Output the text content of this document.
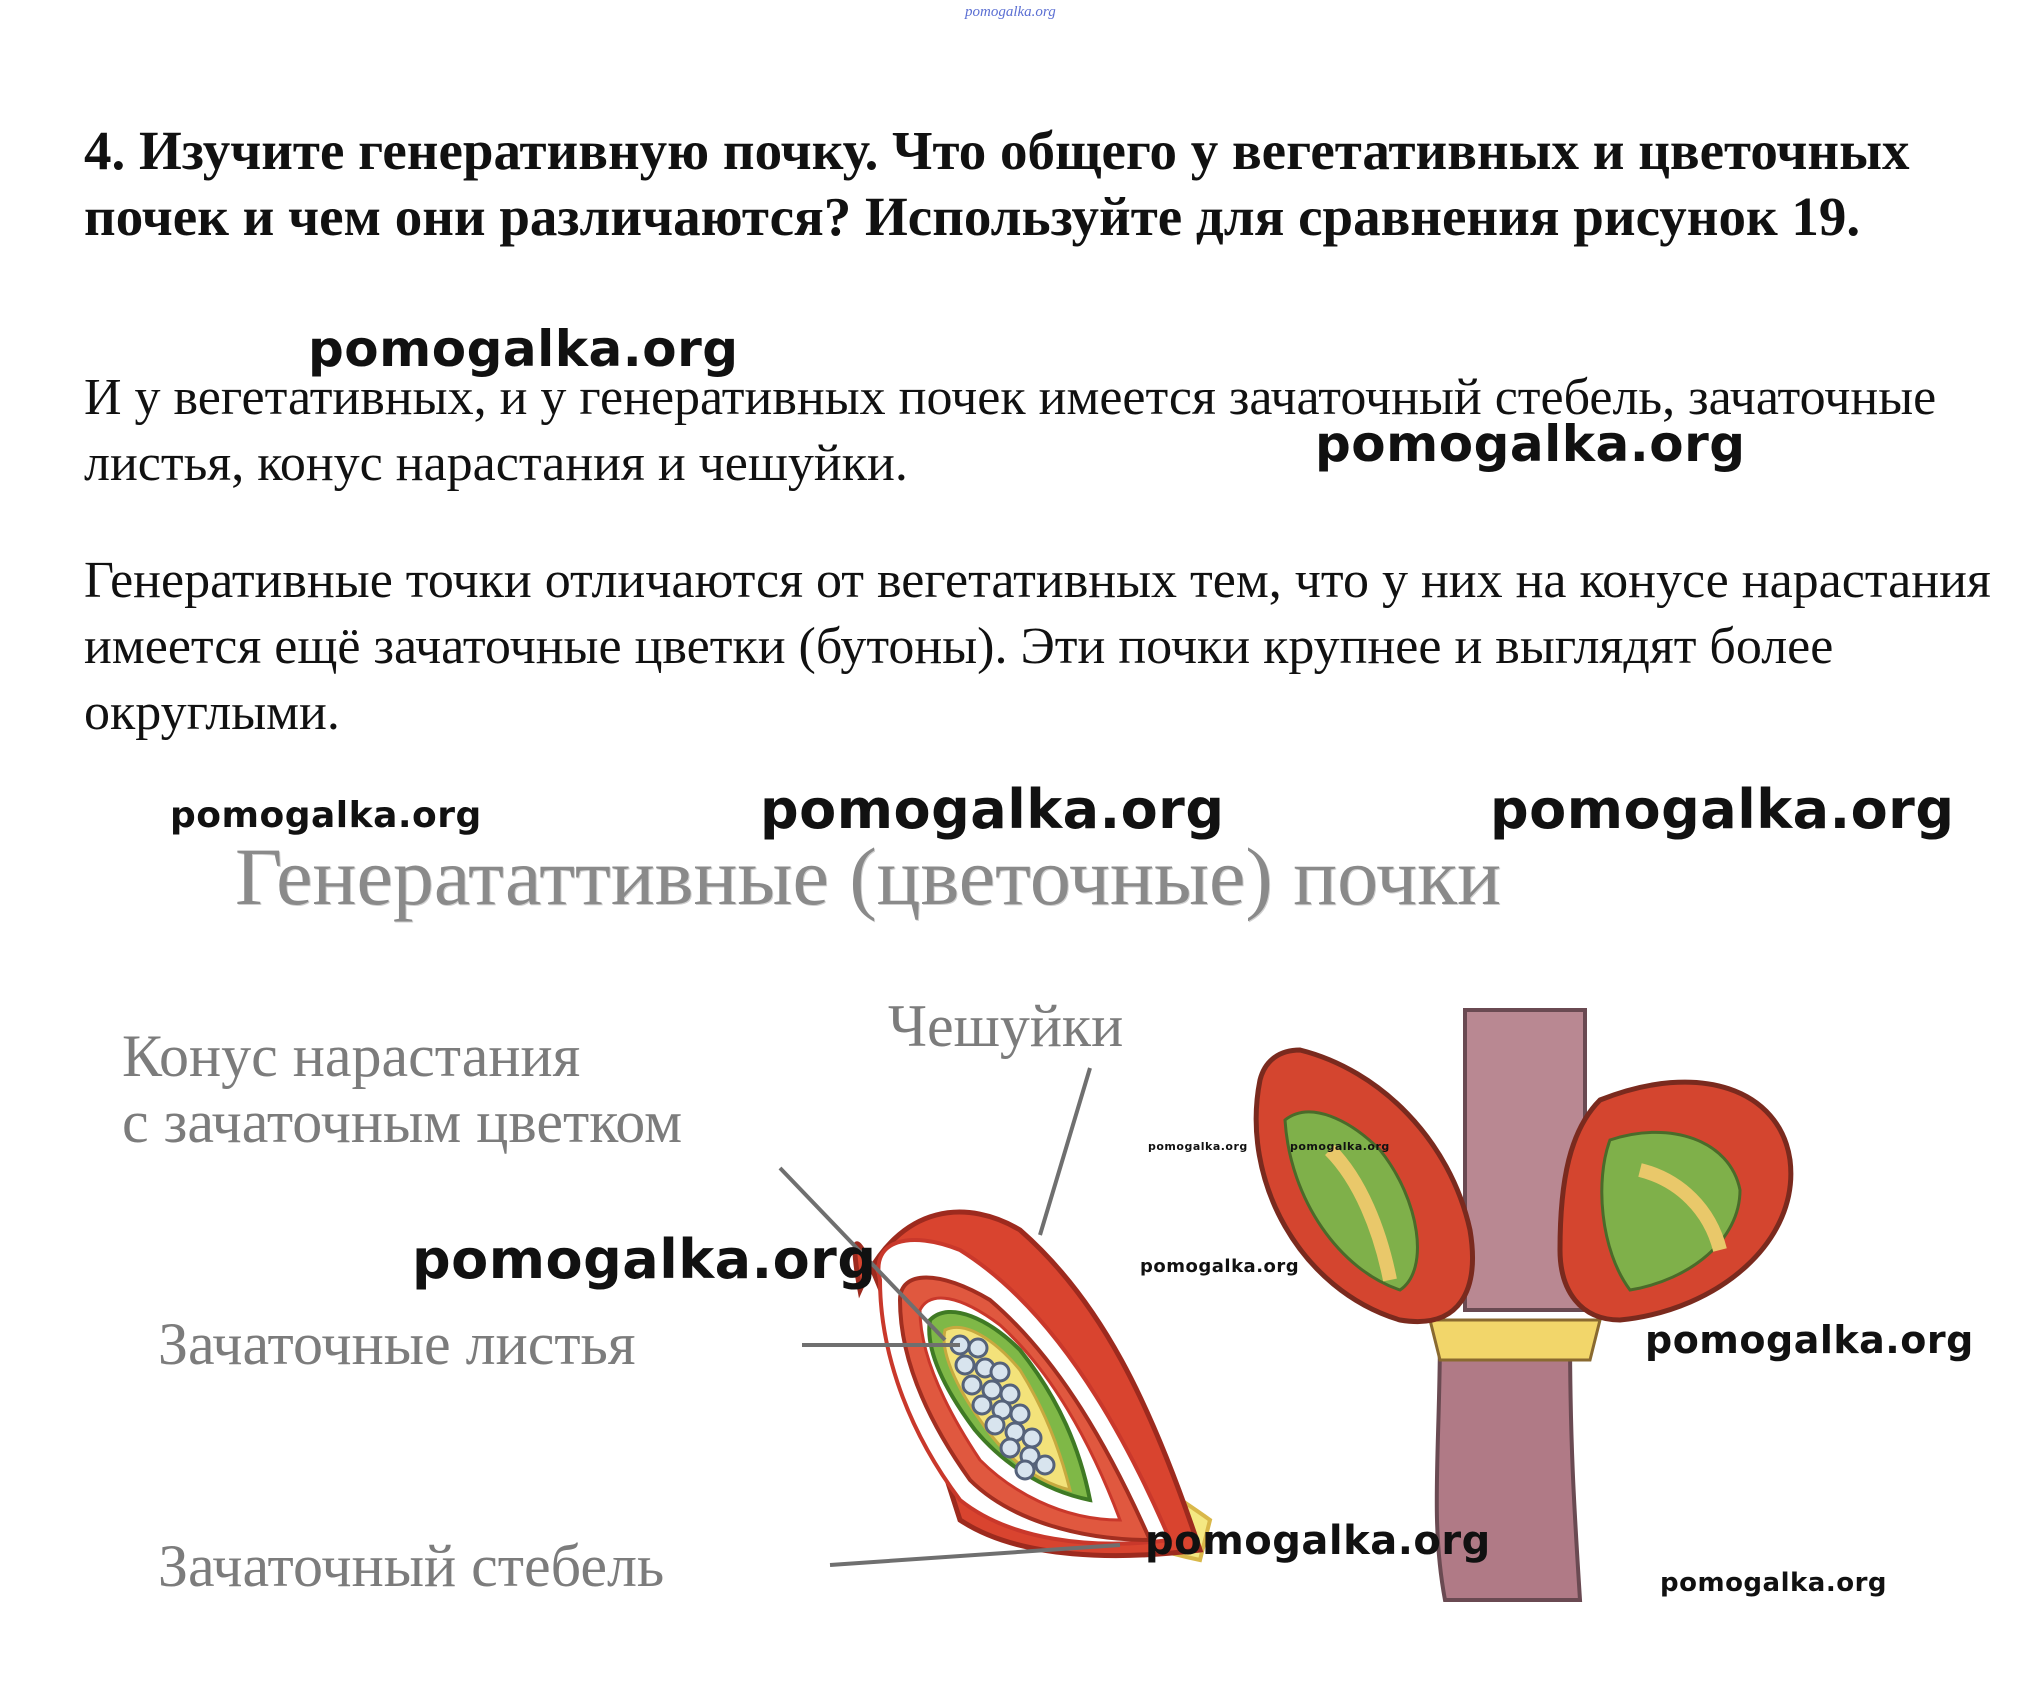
pomogalka.org

4. Изучите генеративную почку. Что общего у вегетативных и цветочных почек и чем они различаются? Используйте для сравнения рисунок 19.

И у вегетативных, и у генеративных почек имеется зачаточный стебель, зачаточные листья, конус нарастания и чешуйки.

Генеративные точки отличаются от вегетативных тем, что у них на конусе нарастания имеется ещё зачаточные цветки (бутоны). Эти почки крупнее и выглядят более округлыми.

Генерататтивные (цветочные) почки
Конус нарастания
с зачаточным цветком
Чешуйки
Зачаточные листья
Зачаточный стебель
pomogalka.org
pomogalka.org
pomogalka.org	pomogalka.org	pomogalka.org
pomogalka.org
pomogalka.org	pomogalka.org
pomogalka.org
pomogalka.org
pomogalka.org
pomogalka.org
